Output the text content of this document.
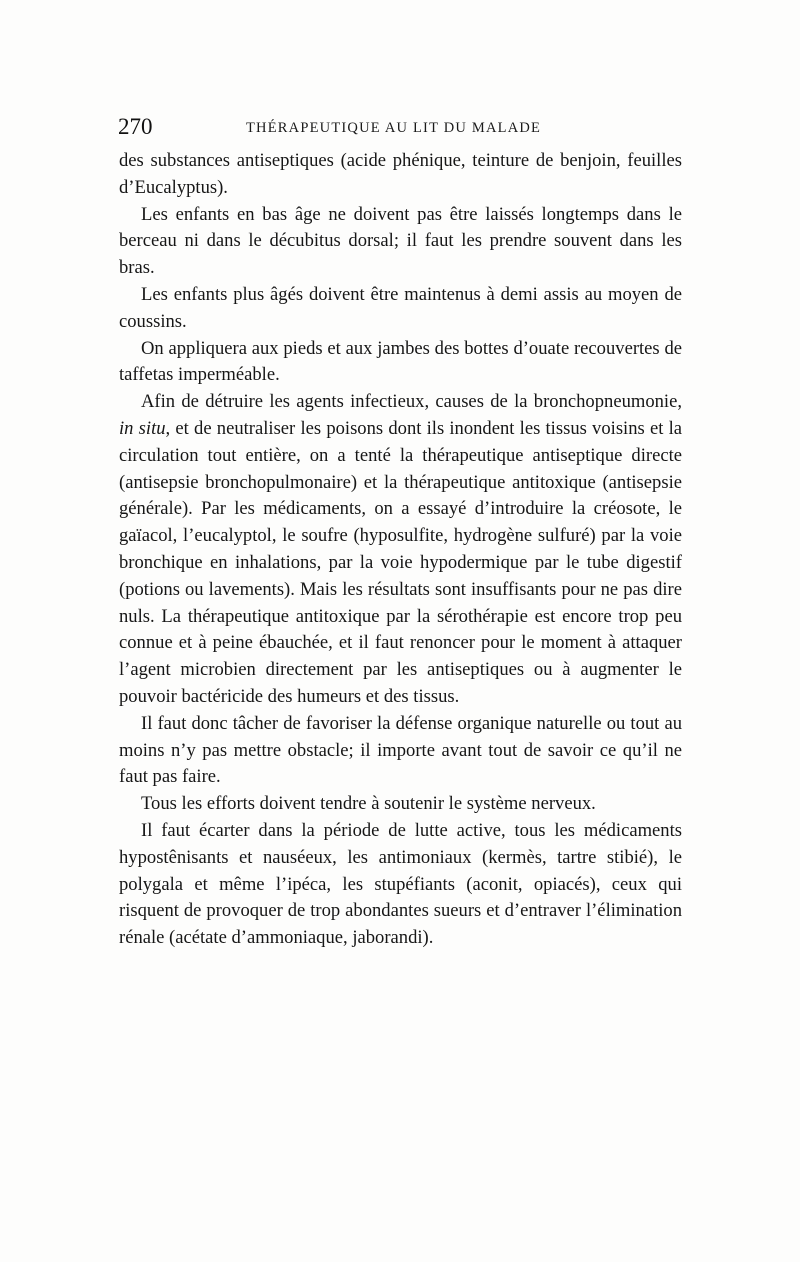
270	THÉRAPEUTIQUE AU LIT DU MALADE

des substances antiseptiques (acide phénique, teinture de benjoin, feuilles d’Eucalyptus).

Les enfants en bas âge ne doivent pas être laissés longtemps dans le berceau ni dans le décubitus dorsal; il faut les prendre souvent dans les bras.

Les enfants plus âgés doivent être maintenus à demi assis au moyen de coussins.

On appliquera aux pieds et aux jambes des bottes d’ouate recouvertes de taffetas imperméable.

Afin de détruire les agents infectieux, causes de la bronchopneumonie, in situ, et de neutraliser les poisons dont ils inondent les tissus voisins et la circulation tout entière, on a tenté la thérapeutique antiseptique directe (antisepsie bronchopulmonaire) et la thérapeutique antitoxique (antisepsie générale). Par les médicaments, on a essayé d’introduire la créosote, le gaïacol, l’eucalyptol, le soufre (hyposulfite, hydrogène sulfuré) par la voie bronchique en inhalations, par la voie hypodermique par le tube digestif (potions ou lavements). Mais les résultats sont insuffisants pour ne pas dire nuls. La thérapeutique antitoxique par la sérothérapie est encore trop peu connue et à peine ébauchée, et il faut renoncer pour le moment à attaquer l’agent microbien directement par les antiseptiques ou à augmenter le pouvoir bactéricide des humeurs et des tissus.

Il faut donc tâcher de favoriser la défense organique naturelle ou tout au moins n’y pas mettre obstacle; il importe avant tout de savoir ce qu’il ne faut pas faire.

Tous les efforts doivent tendre à soutenir le système nerveux.

Il faut écarter dans la période de lutte active, tous les médicaments hypostênisants et nauséeux, les antimoniaux (kermès, tartre stibié), le polygala et même l’ipéca, les stupéfiants (aconit, opiacés), ceux qui risquent de provoquer de trop abondantes sueurs et d’entraver l’élimination rénale (acétate d’ammoniaque, jaborandi).
